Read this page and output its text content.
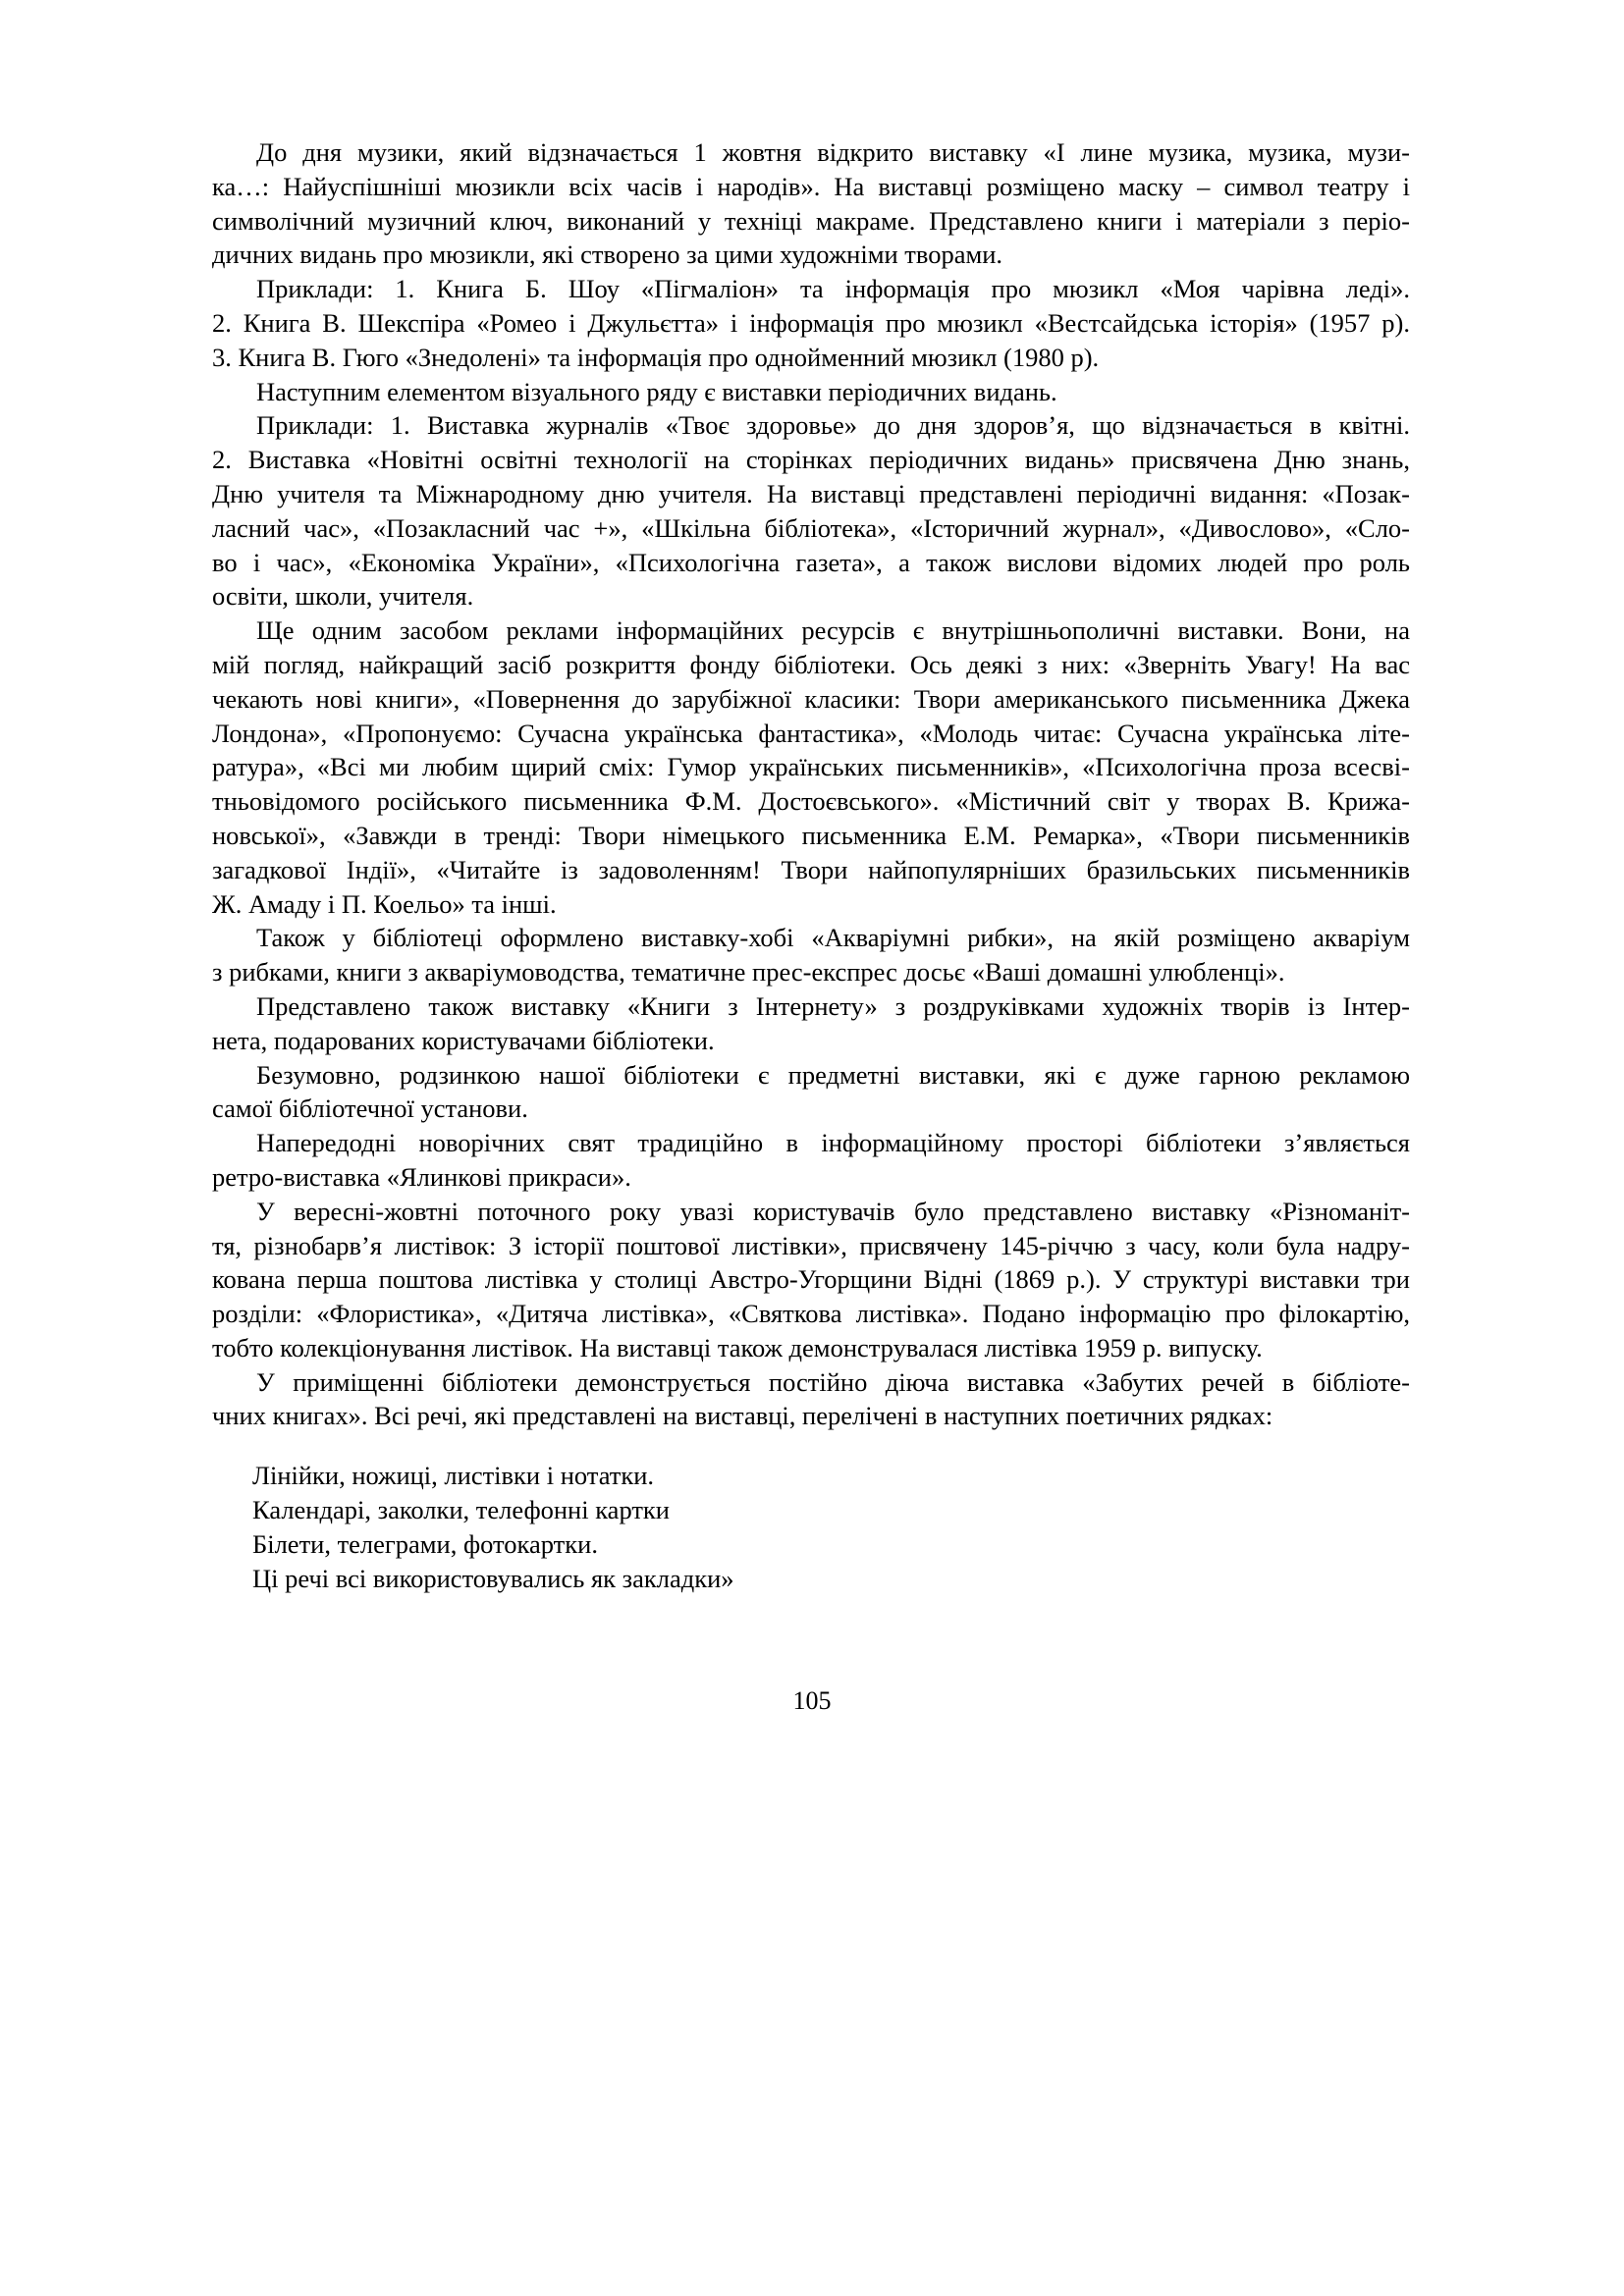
До дня музики, який відзначається 1 жовтня відкрито виставку «І лине музика, музика, музи-
ка…: Найуспішніші мюзикли всіх часів і народів». На виставці розміщено маску – символ театру і
символічний музичний ключ, виконаний у техніці макраме. Представлено книги і матеріали з періо-
дичних видань про мюзикли, які створено за цими художніми творами.
Приклади: 1. Книга Б. Шоу «Пігмаліон» та інформація про мюзикл «Моя чарівна леді».
2. Книга В. Шекспіра «Ромео і Джульєтта» і інформація про мюзикл «Вестсайдська історія» (1957 р).
3. Книга В. Гюго «Знедолені» та інформація про однойменний мюзикл (1980 р).
Наступним елементом візуального ряду є виставки періодичних видань.
Приклади: 1. Виставка журналів «Твоє здоровье» до дня здоров’я, що відзначається в квітні.
2. Виставка «Новітні освітні технології на сторінках періодичних видань» присвячена Дню знань,
Дню учителя та Міжнародному дню учителя. На виставці представлені періодичні видання: «Позак-
ласний час», «Позакласний час +», «Шкільна бібліотека», «Історичний журнал», «Дивослово», «Сло-
во і час», «Економіка України», «Психологічна газета», а також вислови відомих людей про роль
освіти, школи, учителя.
Ще одним засобом реклами інформаційних ресурсів є внутрішньополичні виставки. Вони, на
мій погляд, найкращий засіб розкриття фонду бібліотеки. Ось деякі з них: «Зверніть Увагу! На вас
чекають нові книги», «Повернення до зарубіжної класики: Твори американського письменника Джека
Лондона», «Пропонуємо: Сучасна українська фантастика», «Молодь читає: Сучасна українська літе-
ратура», «Всі ми любим щирий сміх: Гумор українських письменників», «Психологічна проза всесві-
тньовідомого російського письменника Ф.М. Достоєвського». «Містичний світ у творах В. Крижа-
новської», «Завжди в тренді: Твори німецького письменника Е.М. Ремарка», «Твори письменників
загадкової Індії», «Читайте із задоволенням! Твори найпопулярніших бразильських письменників
Ж. Амаду і П. Коельо» та інші.
Також у бібліотеці оформлено виставку-хобі «Акваріумні рибки», на якій розміщено акваріум
з рибками, книги з акваріумоводства, тематичне прес-експрес досьє «Ваші домашні улюбленці».
Представлено також виставку «Книги з Інтернету» з роздруківками художніх творів із Інтер-
нета, подарованих користувачами бібліотеки.
Безумовно, родзинкою нашої бібліотеки є предметні виставки, які є дуже гарною рекламою
самої бібліотечної установи.
Напередодні новорічних свят традиційно в інформаційному просторі бібліотеки з’являється
ретро-виставка «Ялинкові прикраси».
У вересні-жовтні поточного року увазі користувачів було представлено виставку «Різноманіт-
тя, різнобарв’я листівок: З історії поштової листівки», присвячену 145-річчю з часу, коли була надру-
кована перша поштова листівка у столиці Австро-Угорщини Відні (1869 р.). У структурі виставки три
розділи: «Флористика», «Дитяча листівка», «Святкова листівка». Подано інформацію про філокартію,
тобто колекціонування листівок. На виставці також демонструвалася листівка 1959 р. випуску.
У приміщенні бібліотеки демонструється постійно діюча виставка «Забутих речей в бібліоте-
чних книгах». Всі речі, які представлені на виставці, перелічені в наступних поетичних рядках:
Лінійки, ножиці, листівки і нотатки.
Календарі, заколки, телефонні картки
Білети, телеграми, фотокартки.
Ці речі всі використовувались як закладки»
105
